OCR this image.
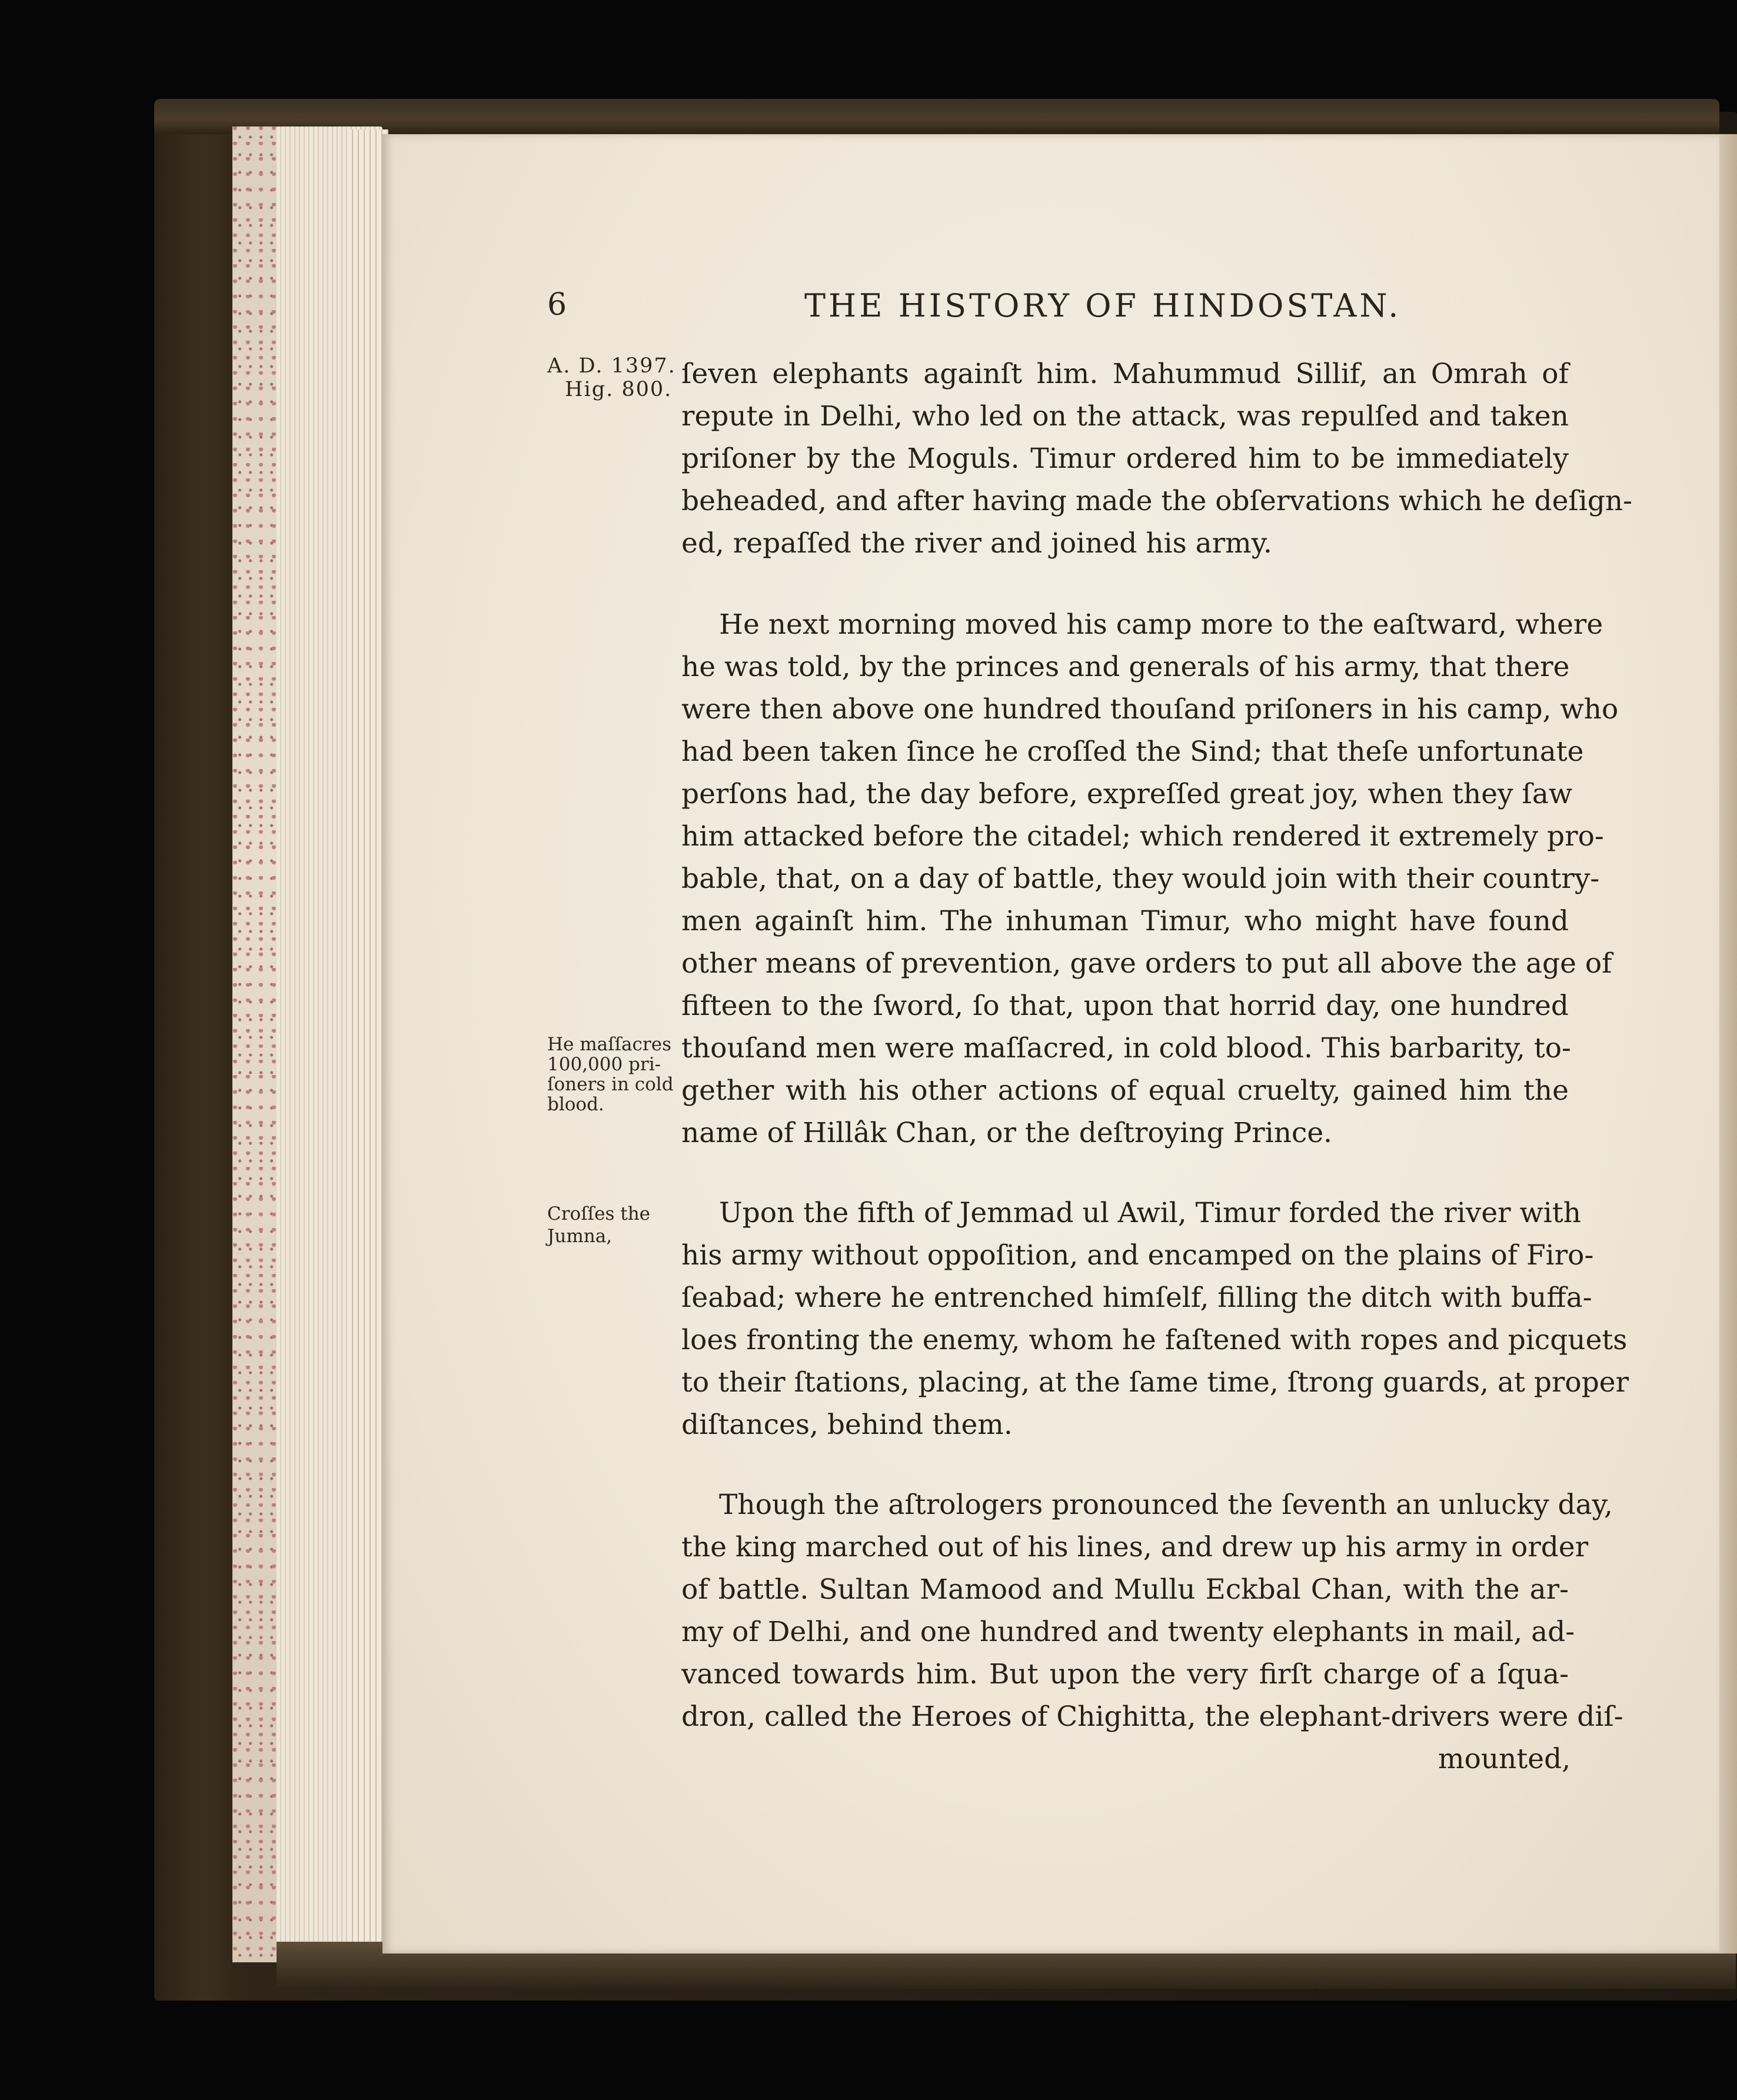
6	THE HISTORY OF HINDOSTAN.
A. D. 1397.
Hig. 800.
He maſſacres
100,000 pri-
ſoners in cold
blood.
Croſſes the
Jumna,
ſeven elephants againſt him. Mahummud Sillif, an Omrah of
repute in Delhi, who led on the attack, was repulſed and taken
priſoner by the Moguls. Timur ordered him to be immediately
beheaded, and after having made the obſervations which he deſign-
ed, repaſſed the river and joined his army.
He next morning moved his camp more to the eaſtward, where
he was told, by the princes and generals of his army, that there
were then above one hundred thouſand priſoners in his camp, who
had been taken ſince he croſſed the Sind; that theſe unfortunate
perſons had, the day before, expreſſed great joy, when they ſaw
him attacked before the citadel; which rendered it extremely pro-
bable, that, on a day of battle, they would join with their country-
men againſt him. The inhuman Timur, who might have found
other means of prevention, gave orders to put all above the age of
fifteen to the ſword, ſo that, upon that horrid day, one hundred
thouſand men were maſſacred, in cold blood. This barbarity, to-
gether with his other actions of equal cruelty, gained him the
name of Hillâk Chan, or the deſtroying Prince.
Upon the fifth of Jemmad ul Awil, Timur forded the river with
his army without oppoſition, and encamped on the plains of Firo-
ſeabad; where he entrenched himſelf, filling the ditch with buffa-
loes fronting the enemy, whom he faſtened with ropes and picquets
to their ſtations, placing, at the ſame time, ſtrong guards, at proper
diſtances, behind them.
Though the aſtrologers pronounced the ſeventh an unlucky day,
the king marched out of his lines, and drew up his army in order
of battle. Sultan Mamood and Mullu Eckbal Chan, with the ar-
my of Delhi, and one hundred and twenty elephants in mail, ad-
vanced towards him. But upon the very firſt charge of a ſqua-
dron, called the Heroes of Chighitta, the elephant-drivers were diſ-
mounted,
